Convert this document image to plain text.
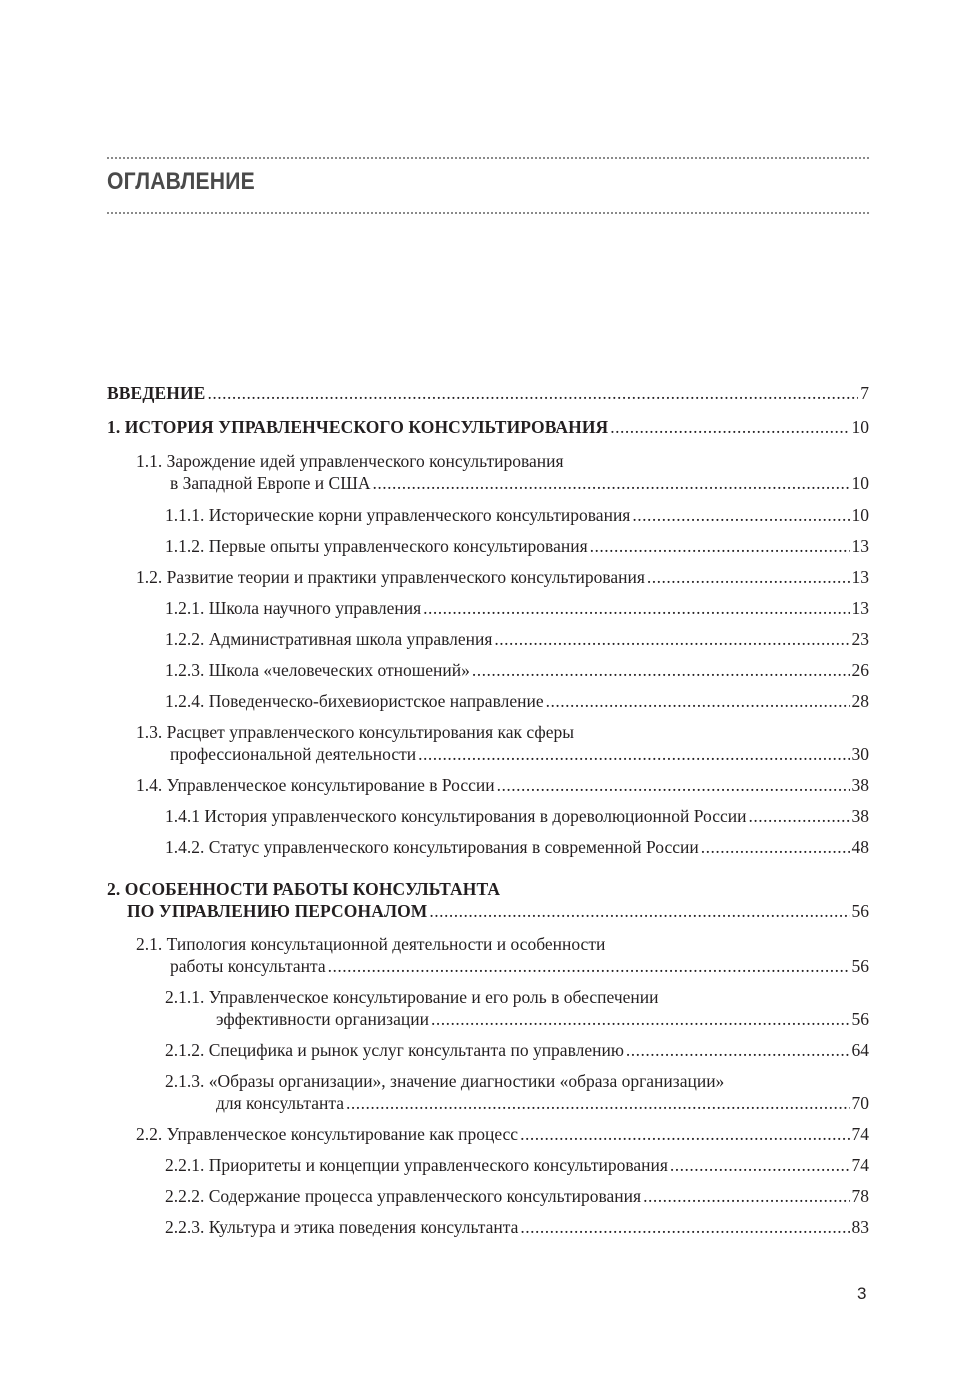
ОГЛАВЛЕНИЕ
ВВЕДЕНИЕ .....	7
1. ИСТОРИЯ УПРАВЛЕНЧЕСКОГО КОНСУЛЬТИРОВАНИЯ .....	10
1.1. Зарождение идей управленческого консультирования
в Западной Европе и США .....	10
1.1.1. Исторические корни управленческого консультирования .....	10
1.1.2. Первые опыты управленческого консультирования .....	13
1.2. Развитие теории и практики управленческого консультирования .....	13
1.2.1. Школа научного управления .....	13
1.2.2. Административная школа управления .....	23
1.2.3. Школа «человеческих отношений» .....	26
1.2.4. Поведенческо-бихевиористское направление .....	28
1.3. Расцвет управленческого консультирования как сферы
профессиональной деятельности .....	30
1.4. Управленческое консультирование в России .....	38
1.4.1 История управленческого консультирования в дореволюционной России .....	38
1.4.2. Статус управленческого консультирования в современной России .....	48
2. ОСОБЕННОСТИ РАБОТЫ КОНСУЛЬТАНТА
ПО УПРАВЛЕНИЮ ПЕРСОНАЛОМ .....	56
2.1. Типология консультационной деятельности и особенности
работы консультанта .....	56
2.1.1. Управленческое консультирование и его роль в обеспечении
эффективности организации .....	56
2.1.2. Специфика и рынок услуг консультанта по управлению .....	64
2.1.3. «Образы организации», значение диагностики «образа организации»
для консультанта .....	70
2.2. Управленческое консультирование как процесс .....	74
2.2.1. Приоритеты и концепции управленческого консультирования .....	74
2.2.2. Содержание процесса управленческого консультирования .....	78
2.2.3. Культура и этика поведения консультанта .....	83
3
